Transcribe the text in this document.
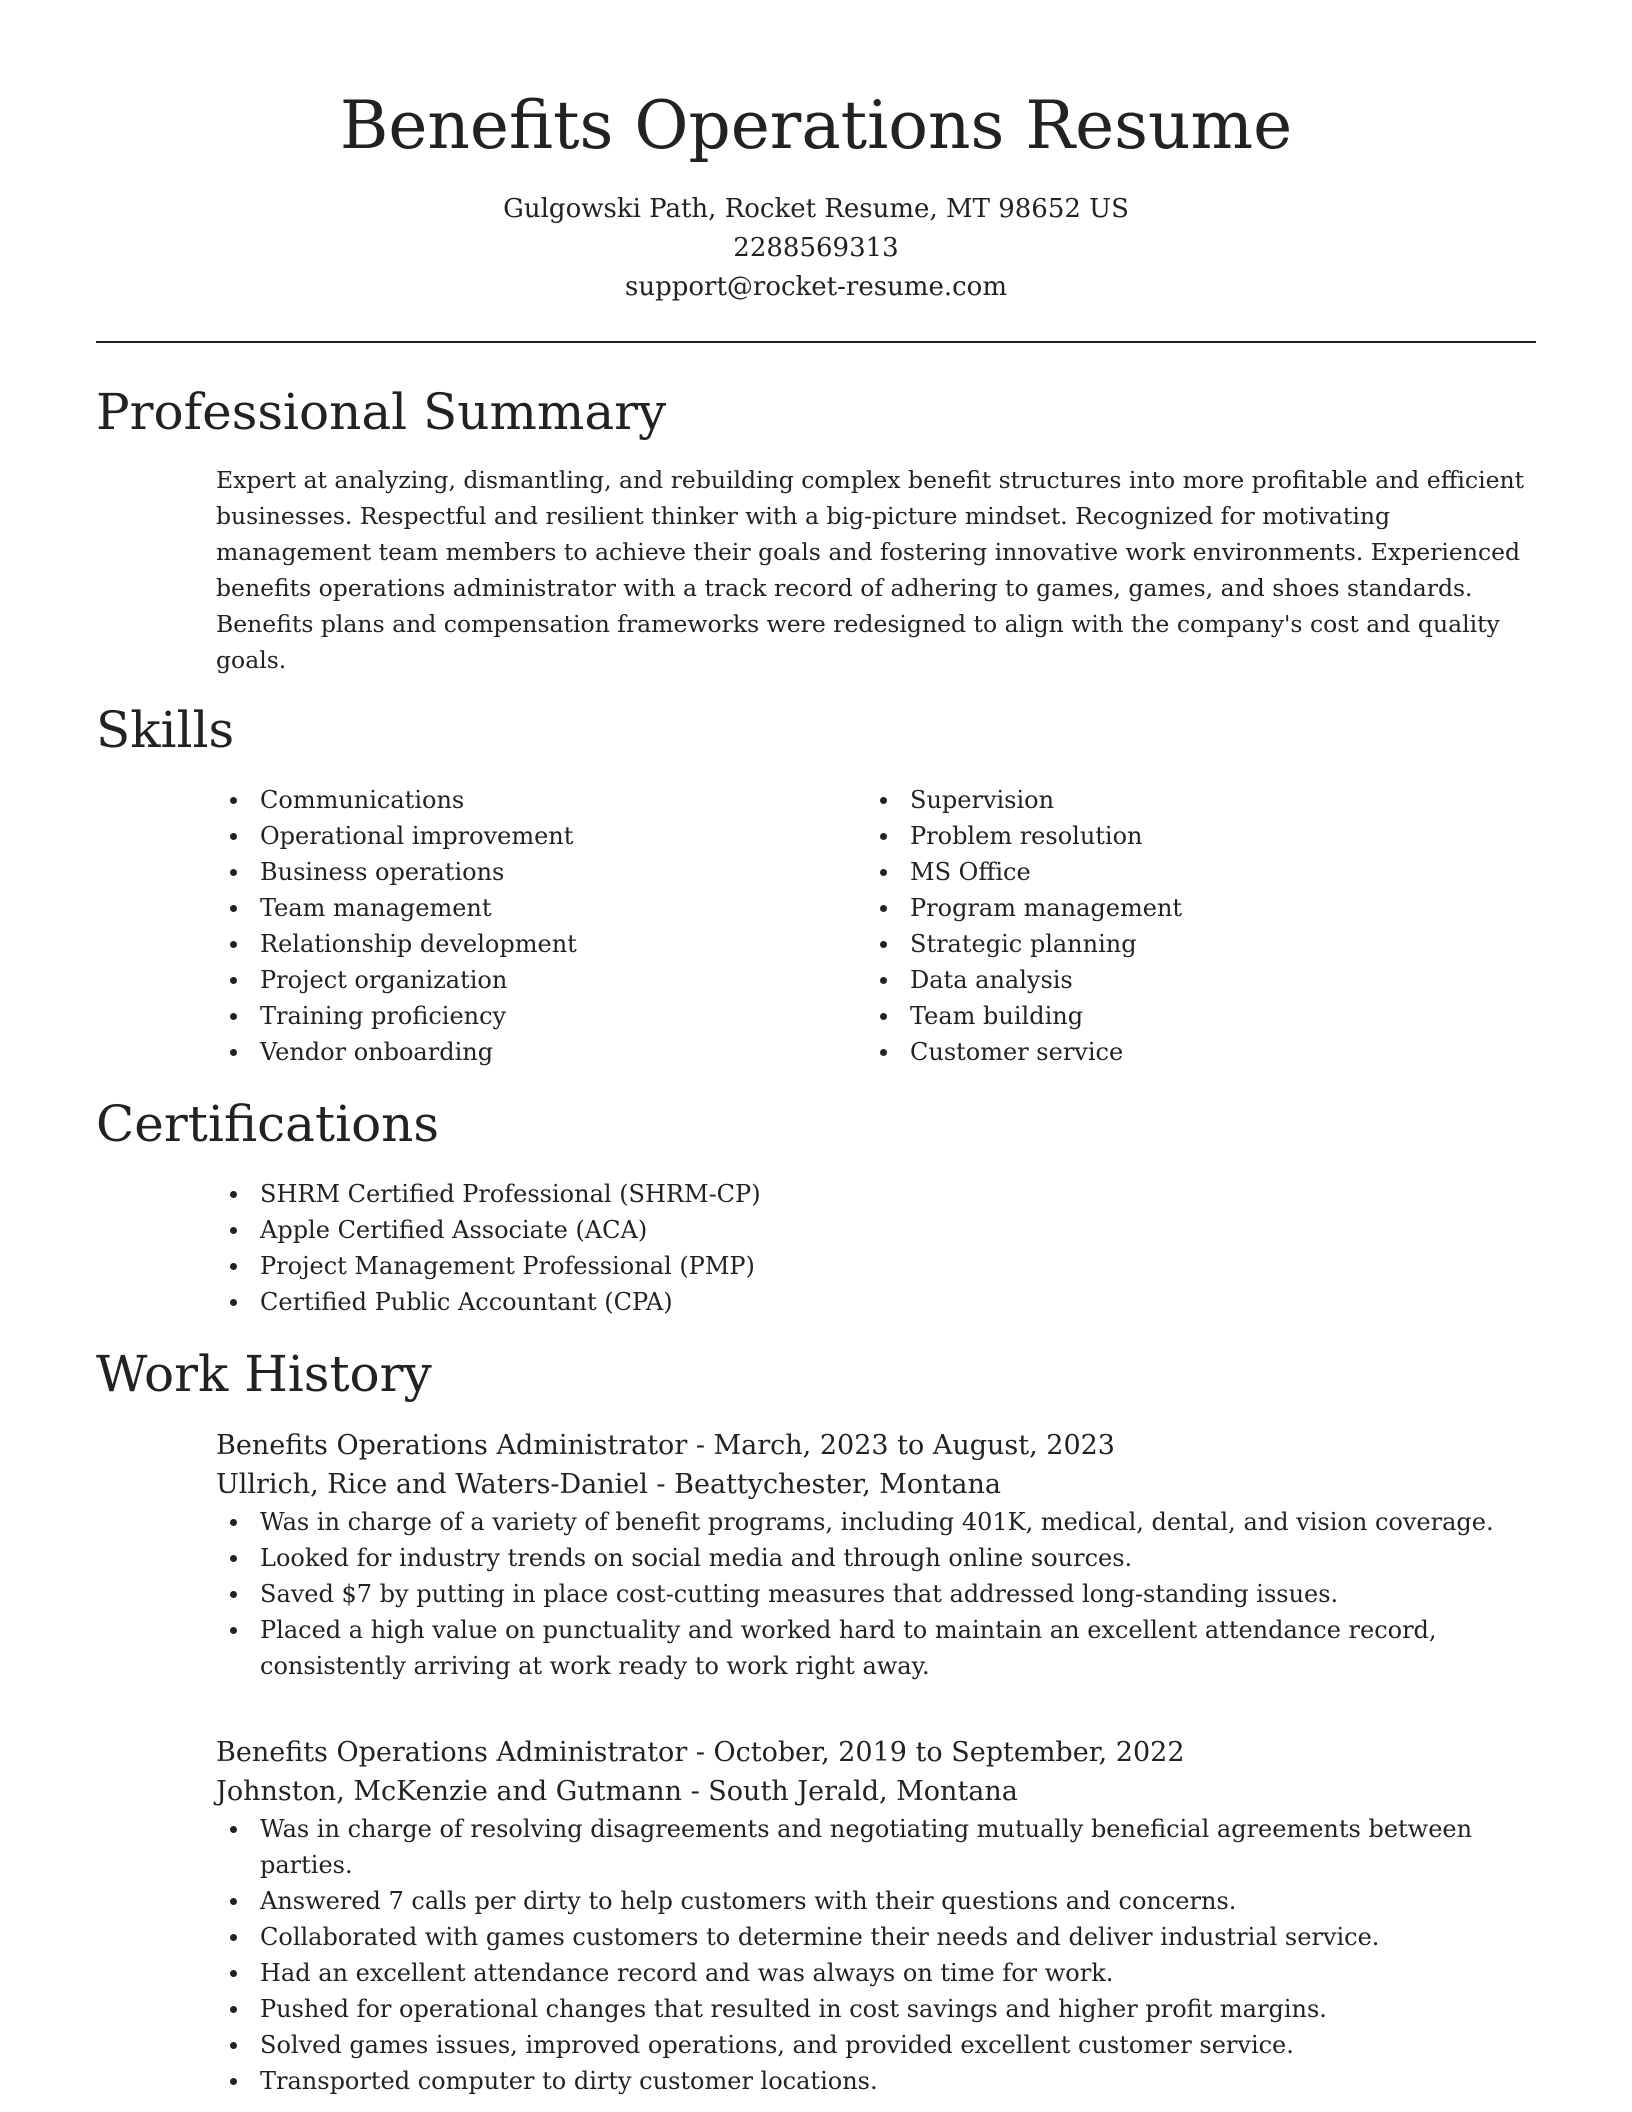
Benefits Operations Resume
Gulgowski Path, Rocket Resume, MT 98652 US
2288569313
support@rocket-resume.com
Professional Summary

Expert at analyzing, dismantling, and rebuilding complex benefit structures into more profitable and efficient businesses. Respectful and resilient thinker with a big-picture mindset. Recognized for motivating management team members to achieve their goals and fostering innovative work environments. Experienced benefits operations administrator with a track record of adhering to games, games, and shoes standards. Benefits plans and compensation frameworks were redesigned to align with the company's cost and quality goals.

Skills
Communications
Operational improvement
Business operations
Team management
Relationship development
Project organization
Training proficiency
Vendor onboarding
Supervision
Problem resolution
MS Office
Program management
Strategic planning
Data analysis
Team building
Customer service
Certifications
SHRM Certified Professional (SHRM-CP)
Apple Certified Associate (ACA)
Project Management Professional (PMP)
Certified Public Accountant (CPA)
Work History
Benefits Operations Administrator - March, 2023 to August, 2023
Ullrich, Rice and Waters-Daniel - Beattychester, Montana
Was in charge of a variety of benefit programs, including 401K, medical, dental, and vision coverage.
Looked for industry trends on social media and through online sources.
Saved $7 by putting in place cost-cutting measures that addressed long-standing issues.
Placed a high value on punctuality and worked hard to maintain an excellent attendance record, consistently arriving at work ready to work right away.
Benefits Operations Administrator - October, 2019 to September, 2022
Johnston, McKenzie and Gutmann - South Jerald, Montana
Was in charge of resolving disagreements and negotiating mutually beneficial agreements between parties.
Answered 7 calls per dirty to help customers with their questions and concerns.
Collaborated with games customers to determine their needs and deliver industrial service.
Had an excellent attendance record and was always on time for work.
Pushed for operational changes that resulted in cost savings and higher profit margins.
Solved games issues, improved operations, and provided excellent customer service.
Transported computer to dirty customer locations.
